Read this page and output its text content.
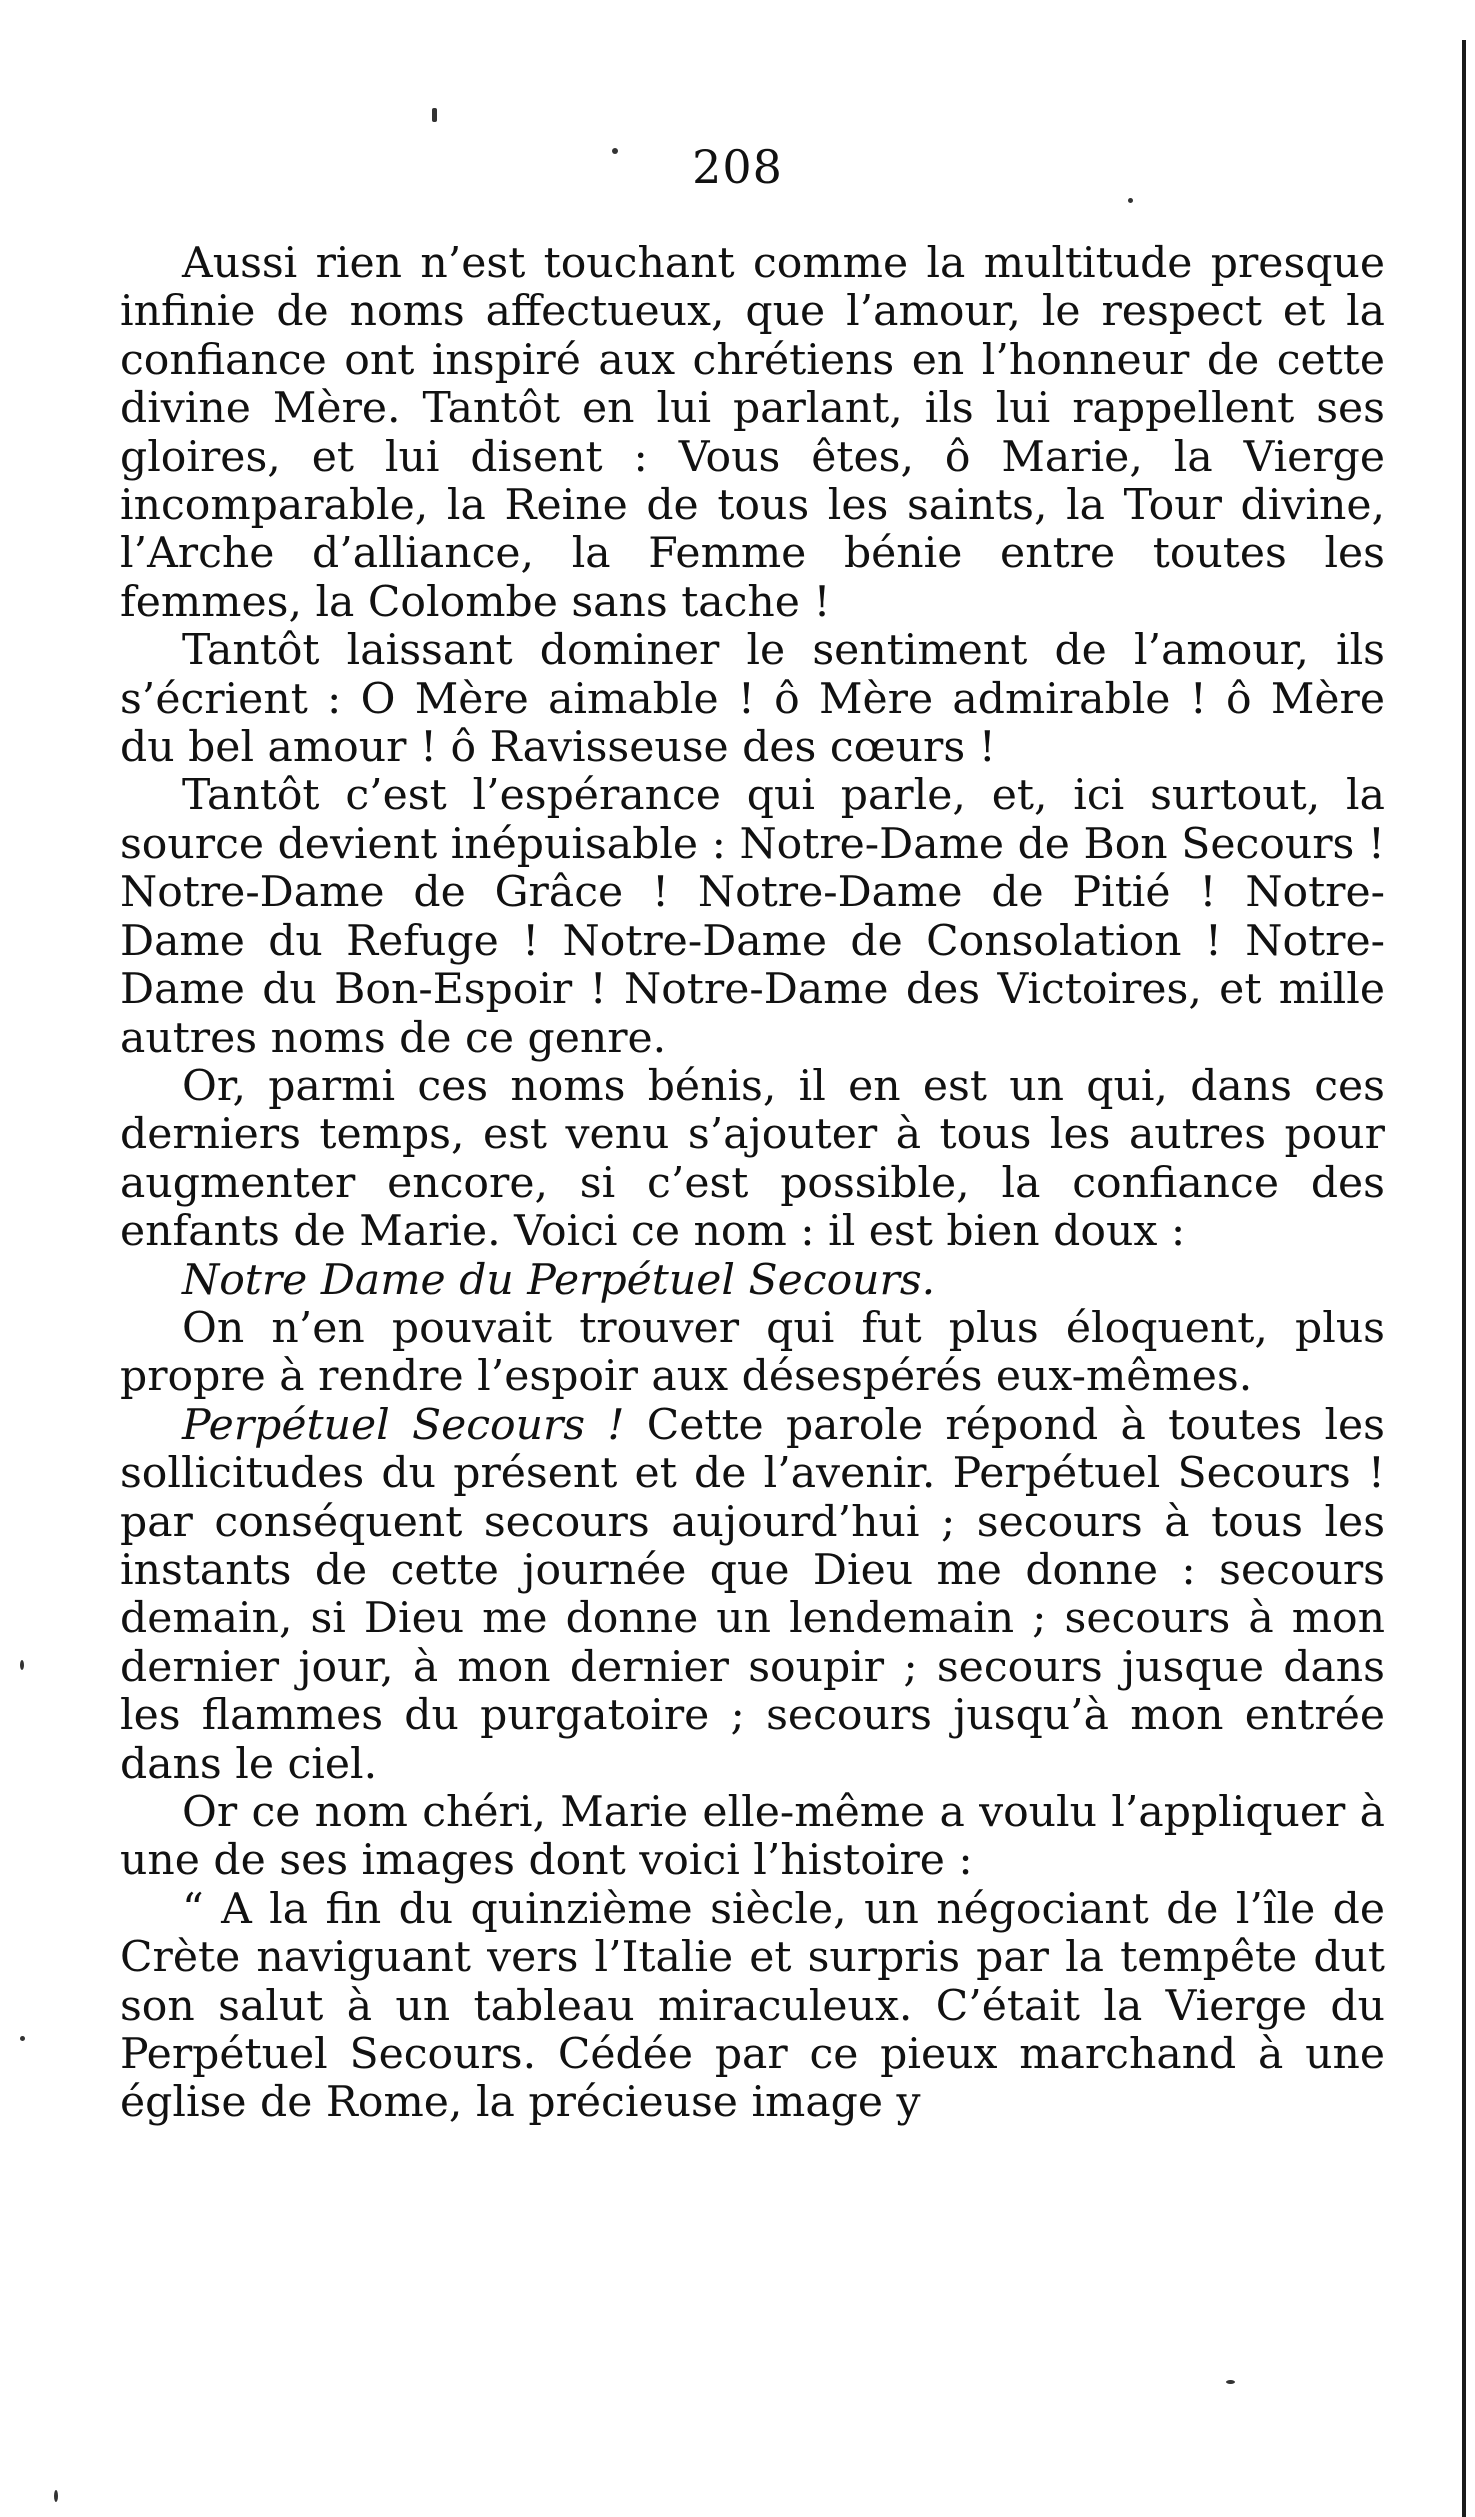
208

Aussi rien n’est touchant comme la multitude presque infinie de noms affectueux, que l’amour, le respect et la confiance ont inspiré aux chrétiens en l’honneur de cette divine Mère. Tantôt en lui parlant, ils lui rappellent ses gloires, et lui disent : Vous êtes, ô Marie, la Vierge incomparable, la Reine de tous les saints, la Tour divine, l’Arche d’alliance, la Femme bénie entre toutes les femmes, la Colombe sans tache !

Tantôt laissant dominer le sentiment de l’amour, ils s’écrient : O Mère aimable ! ô Mère admirable ! ô Mère du bel amour ! ô Ravisseuse des cœurs !

Tantôt c’est l’espérance qui parle, et, ici surtout, la source devient inépuisable : Notre-Dame de Bon Secours ! Notre-Dame de Grâce ! Notre-Dame de Pitié ! Notre-Dame du Refuge ! Notre-Dame de Consolation ! Notre-Dame du Bon-Espoir ! Notre-Dame des Victoires, et mille autres noms de ce genre.

Or, parmi ces noms bénis, il en est un qui, dans ces derniers temps, est venu s’ajouter à tous les autres pour augmenter encore, si c’est possible, la confiance des enfants de Marie. Voici ce nom : il est bien doux :

Notre Dame du Perpétuel Secours.

On n’en pouvait trouver qui fut plus éloquent, plus propre à rendre l’espoir aux désespérés eux-mêmes.

Perpétuel Secours ! Cette parole répond à toutes les sollicitudes du présent et de l’avenir. Perpétuel Secours ! par conséquent secours aujourd’hui ; secours à tous les instants de cette journée que Dieu me donne : secours demain, si Dieu me donne un lendemain ; secours à mon dernier jour, à mon dernier soupir ; secours jusque dans les flammes du purgatoire ; secours jusqu’à mon entrée dans le ciel.

Or ce nom chéri, Marie elle-même a voulu l’appliquer à une de ses images dont voici l’histoire :

“ A la fin du quinzième siècle, un négociant de l’île de Crète naviguant vers l’Italie et surpris par la tempête dut son salut à un tableau miraculeux. C’était la Vierge du Perpétuel Secours. Cédée par ce pieux marchand à une église de Rome, la précieuse image y
